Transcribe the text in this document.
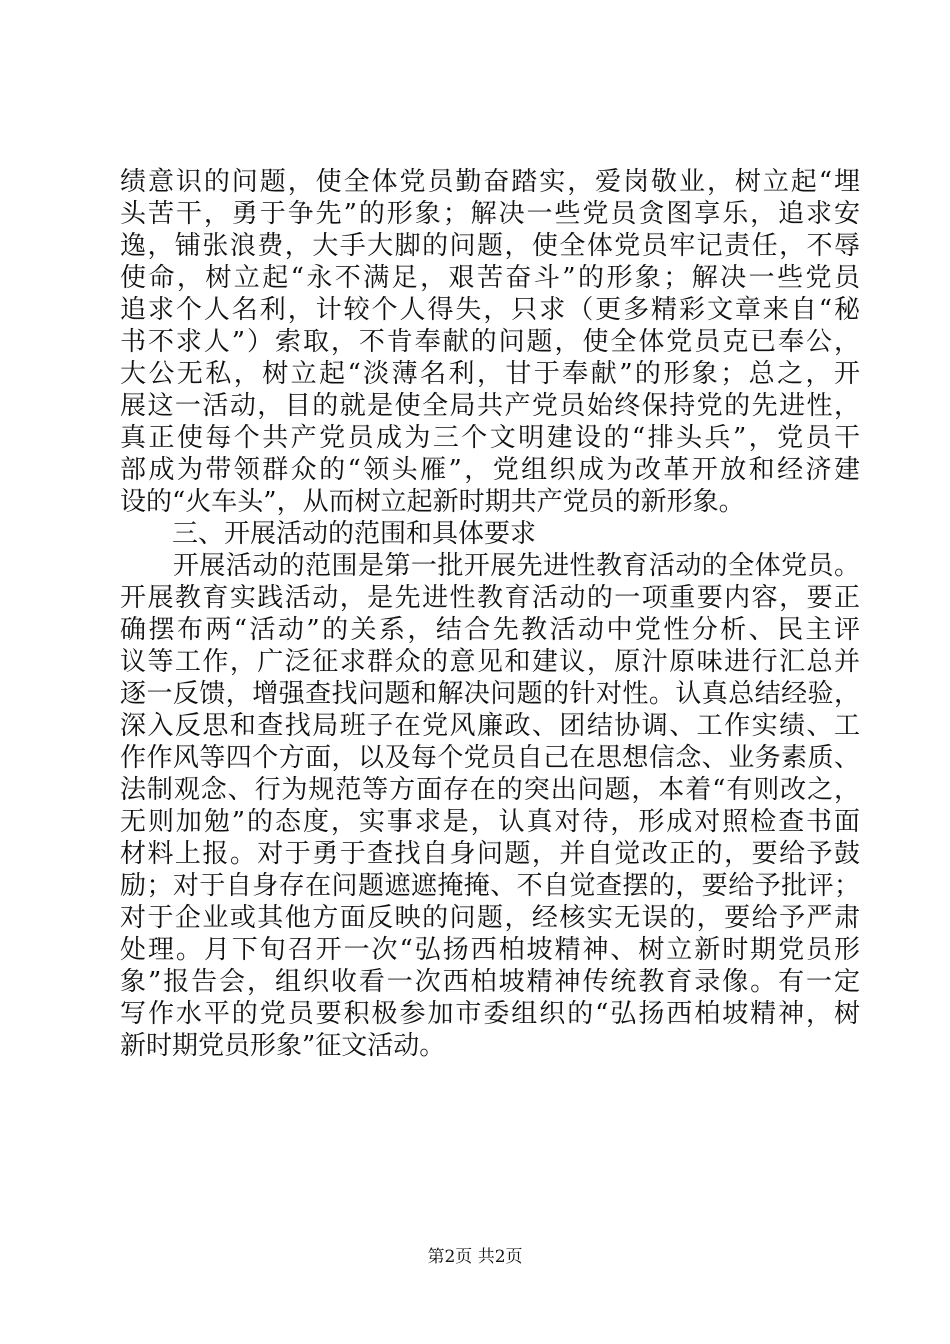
绩意识的问题，使全体党员勤奋踏实，爱岗敬业，树立起“埋
头苦干，勇于争先”的形象；解决一些党员贪图享乐，追求安
逸，铺张浪费，大手大脚的问题，使全体党员牢记责任，不辱
使命，树立起“永不满足，艰苦奋斗”的形象；解决一些党员
追求个人名利，计较个人得失，只求（更多精彩文章来自“秘
书不求人”）索取，不肯奉献的问题，使全体党员克已奉公，
大公无私，树立起“淡薄名利，甘于奉献”的形象；总之，开
展这一活动，目的就是使全局共产党员始终保持党的先进性，
真正使每个共产党员成为三个文明建设的“排头兵”，党员干
部成为带领群众的“领头雁”，党组织成为改革开放和经济建
设的“火车头”，从而树立起新时期共产党员的新形象。
　　三、开展活动的范围和具体要求
　　开展活动的范围是第一批开展先进性教育活动的全体党员。
开展教育实践活动，是先进性教育活动的一项重要内容，要正
确摆布两“活动”的关系，结合先教活动中党性分析、民主评
议等工作，广泛征求群众的意见和建议，原汁原味进行汇总并
逐一反馈，增强查找问题和解决问题的针对性。认真总结经验，
深入反思和查找局班子在党风廉政、团结协调、工作实绩、工
作作风等四个方面，以及每个党员自己在思想信念、业务素质、
法制观念、行为规范等方面存在的突出问题，本着“有则改之，
无则加勉”的态度，实事求是，认真对待，形成对照检查书面
材料上报。对于勇于查找自身问题，并自觉改正的，要给予鼓
励；对于自身存在问题遮遮掩掩、不自觉查摆的，要给予批评；
对于企业或其他方面反映的问题，经核实无误的，要给予严肃
处理。月下旬召开一次“弘扬西柏坡精神、树立新时期党员形
象”报告会，组织收看一次西柏坡精神传统教育录像。有一定
写作水平的党员要积极参加市委组织的“弘扬西柏坡精神，树
新时期党员形象”征文活动。
第2页 共2页
